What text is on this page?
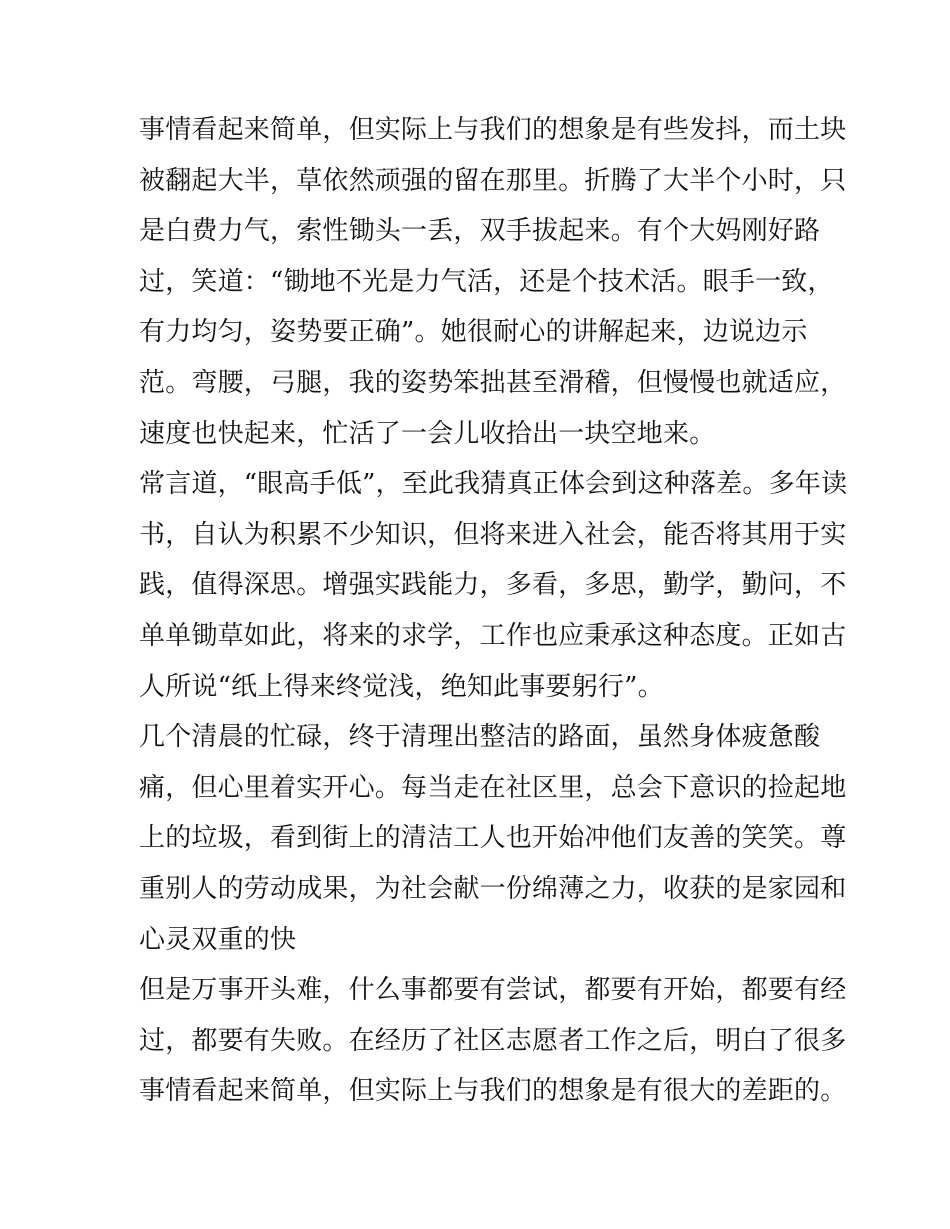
事情看起来简单，但实际上与我们的想象是有些发抖，而土块
被翻起大半，草依然顽强的留在那里。折腾了大半个小时，只
是白费力气，索性锄头一丢，双手拔起来。有个大妈刚好路
过，笑道：“锄地不光是力气活，还是个技术活。眼手一致，
有力均匀，姿势要正确”。她很耐心的讲解起来，边说边示
范。弯腰，弓腿，我的姿势笨拙甚至滑稽，但慢慢也就适应，
速度也快起来，忙活了一会儿收拾出一块空地来。
常言道，“眼高手低”，至此我猜真正体会到这种落差。多年读
书，自认为积累不少知识，但将来进入社会，能否将其用于实
践，值得深思。增强实践能力，多看，多思，勤学，勤问，不
单单锄草如此，将来的求学，工作也应秉承这种态度。正如古
人所说“纸上得来终觉浅，绝知此事要躬行”。
几个清晨的忙碌，终于清理出整洁的路面，虽然身体疲惫酸
痛，但心里着实开心。每当走在社区里，总会下意识的捡起地
上的垃圾，看到街上的清洁工人也开始冲他们友善的笑笑。尊
重别人的劳动成果，为社会献一份绵薄之力，收获的是家园和
心灵双重的快
但是万事开头难，什么事都要有尝试，都要有开始，都要有经
过，都要有失败。在经历了社区志愿者工作之后，明白了很多
事情看起来简单，但实际上与我们的想象是有很大的差距的。
